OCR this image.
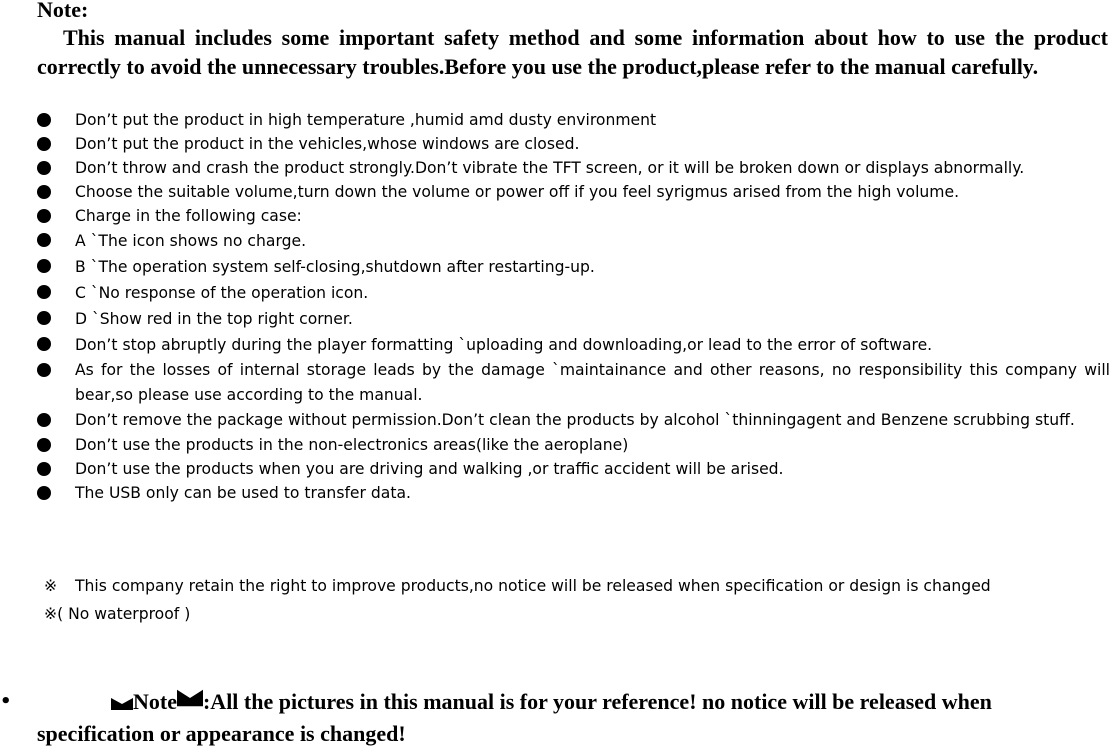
Note:

This manual includes some important safety method and some information about how to use the product correctly to avoid the unnecessary troubles.Before you use the product,please refer to the manual carefully.

Don’t put the product in high temperature ,humid amd dusty environment
Don’t put the product in the vehicles,whose windows are closed.
Don’t throw and crash the product strongly.Don’t vibrate the TFT screen, or it will be broken down or displays abnormally.
Choose the suitable volume,turn down the volume or power off if you feel syrigmus arised from the high volume.
Charge in the following case:
A `The icon shows no charge.
B `The operation system self-closing,shutdown after restarting-up.
C `No response of the operation icon.
D `Show red in the top right corner.
Don’t stop abruptly during the player formatting `uploading and downloading,or lead to the error of software.
As for the losses of internal storage leads by the damage `maintainance and other reasons, no responsibility this company will bear,so please use according to the manual.
Don’t remove the package without permission.Don’t clean the products by alcohol `thinningagent and Benzene scrubbing stuff.
Don’t use the products in the non-electronics areas(like the aeroplane)
Don’t use the products when you are driving and walking ,or traffic accident will be arised.
The USB only can be used to transfer data.
※ This company retain the right to improve products,no notice will be released when specification or design is changed
※( No waterproof )

•	Note :All the pictures in this manual is for your reference! no notice will be released when specification or appearance is changed!
